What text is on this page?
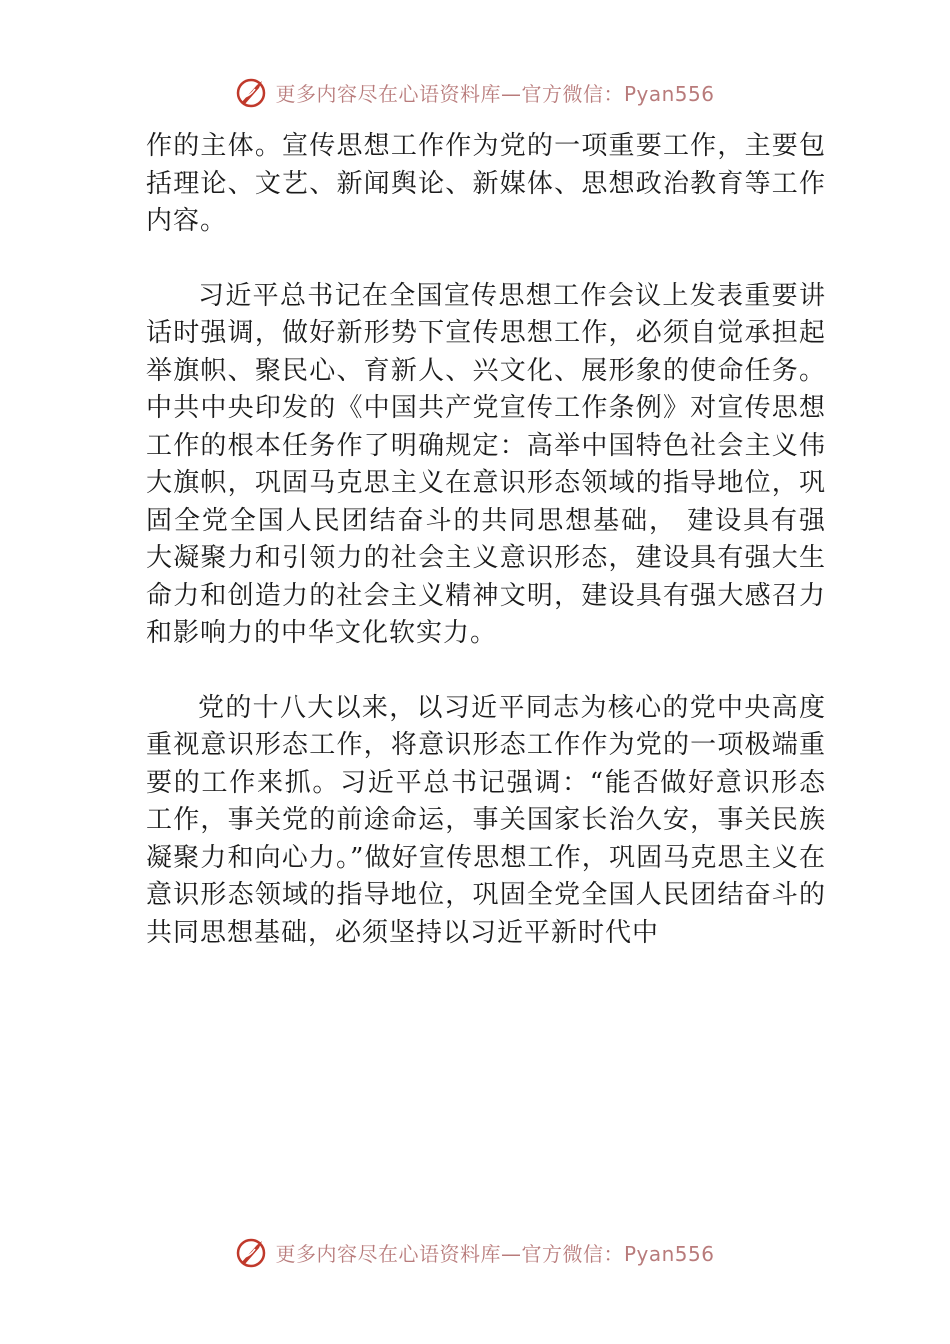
更多内容尽在心语资料库—官方微信：Pyan556

作的主体。宣传思想工作作为党的一项重要工作，主要包括理论、文艺、新闻舆论、新媒体、思想政治教育等工作内容。

习近平总书记在全国宣传思想工作会议上发表重要讲话时强调，做好新形势下宣传思想工作，必须自觉承担起举旗帜、聚民心、育新人、兴文化、展形象的使命任务。中共中央印发的《中国共产党宣传工作条例》对宣传思想工作的根本任务作了明确规定：高举中国特色社会主义伟大旗帜，巩固马克思主义在意识形态领域的指导地位，巩固全党全国人民团结奋斗的共同思想基础， 建设具有强大凝聚力和引领力的社会主义意识形态，建设具有强大生命力和创造力的社会主义精神文明，建设具有强大感召力和影响力的中华文化软实力。

党的十八大以来，以习近平同志为核心的党中央高度重视意识形态工作，将意识形态工作作为党的一项极端重要的工作来抓。习近平总书记强调：“能否做好意识形态工作，事关党的前途命运，事关国家长治久安，事关民族凝聚力和向心力。”做好宣传思想工作，巩固马克思主义在意识形态领域的指导地位，巩固全党全国人民团结奋斗的共同思想基础，必须坚持以习近平新时代中

更多内容尽在心语资料库—官方微信：Pyan556
